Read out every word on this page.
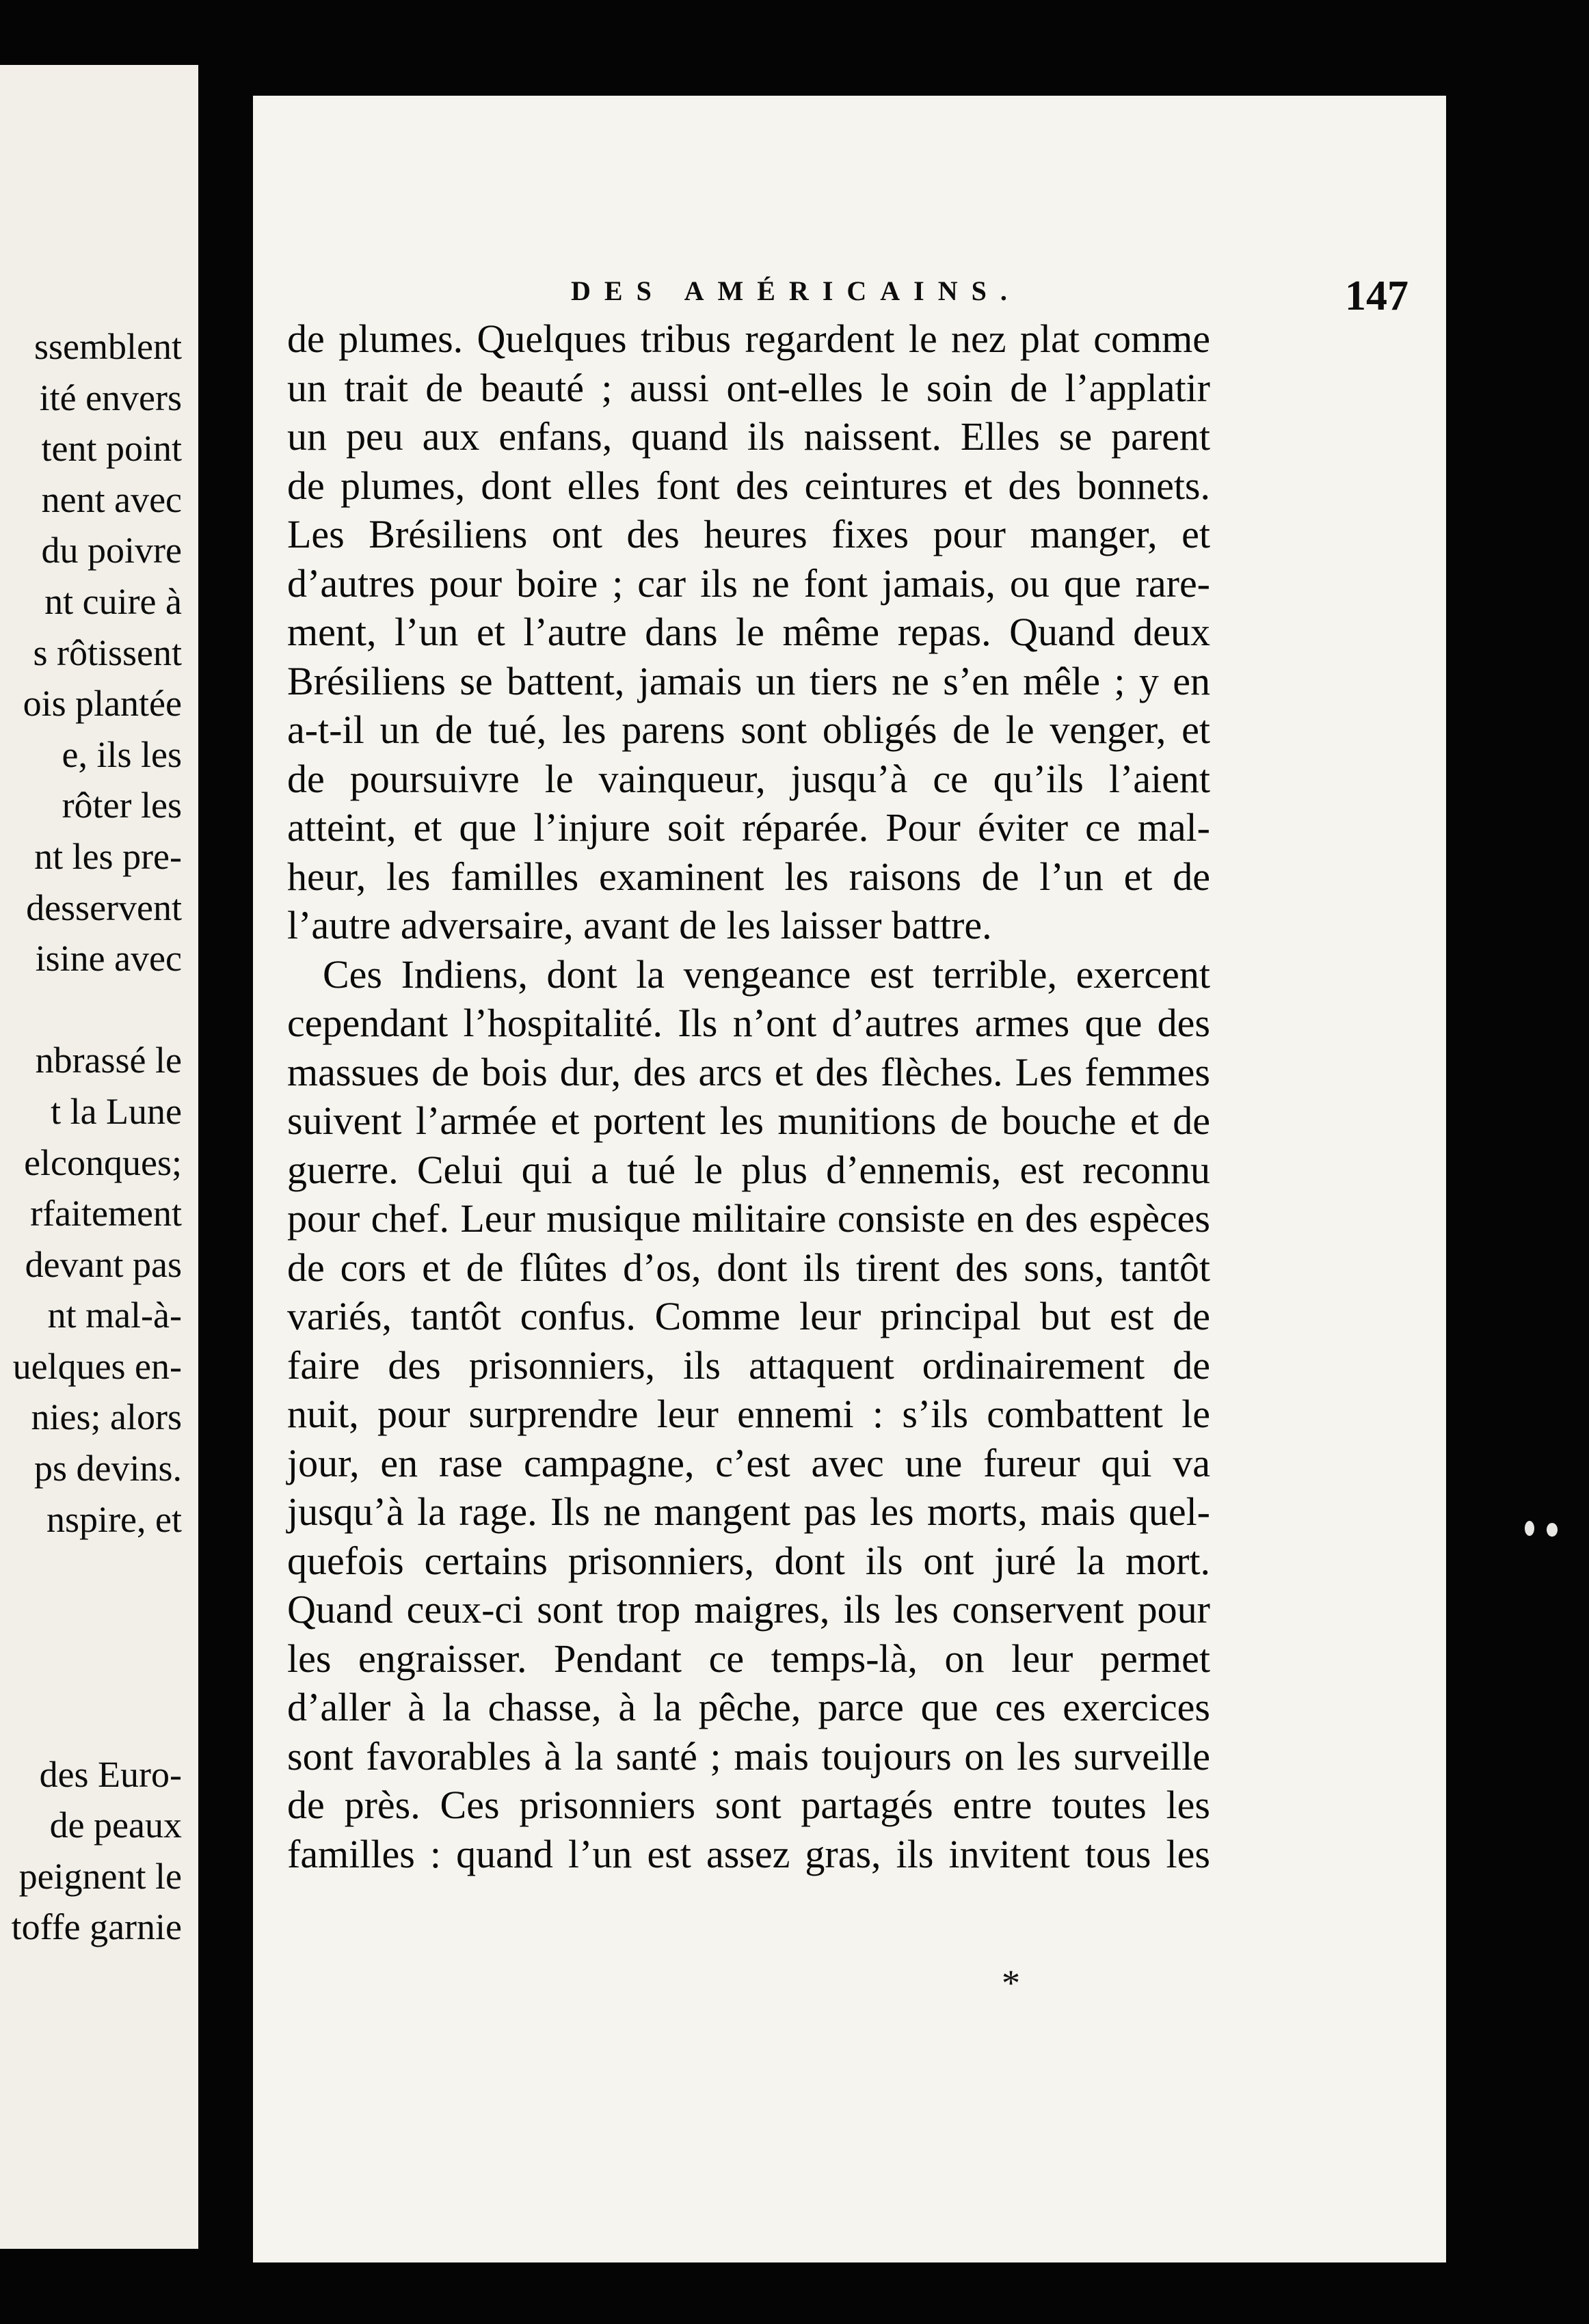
ssemblent
ité envers
tent point
nent avec
du poivre
nt cuire à
s rôtissent
ois plantée
e, ils les
rôter les
nt les pre-
desservent
isine avec
nbrassé le
t la Lune
elconques;
rfaitement
devant pas
nt mal-à-
uelques en-
nies; alors
ps devins.
nspire, et
des Euro-
de peaux
peignent le
toffe garnie
DES AMÉRICAINS.	147
de plumes. Quelques tribus regardent le nez plat comme
un trait de beauté ; aussi ont-elles le soin de l’applatir
un peu aux enfans, quand ils naissent. Elles se parent
de plumes, dont elles font des ceintures et des bonnets.
Les Brésiliens ont des heures fixes pour manger, et
d’autres pour boire ; car ils ne font jamais, ou que rare-
ment, l’un et l’autre dans le même repas. Quand deux
Brésiliens se battent, jamais un tiers ne s’en mêle ; y en
a-t-il un de tué, les parens sont obligés de le venger, et
de poursuivre le vainqueur, jusqu’à ce qu’ils l’aient
atteint, et que l’injure soit réparée. Pour éviter ce mal-
heur, les familles examinent les raisons de l’un et de
l’autre adversaire, avant de les laisser battre.
Ces Indiens, dont la vengeance est terrible, exercent
cependant l’hospitalité. Ils n’ont d’autres armes que des
massues de bois dur, des arcs et des flèches. Les femmes
suivent l’armée et portent les munitions de bouche et de
guerre. Celui qui a tué le plus d’ennemis, est reconnu
pour chef. Leur musique militaire consiste en des espèces
de cors et de flûtes d’os, dont ils tirent des sons, tantôt
variés, tantôt confus. Comme leur principal but est de
faire des prisonniers, ils attaquent ordinairement de
nuit, pour surprendre leur ennemi : s’ils combattent le
jour, en rase campagne, c’est avec une fureur qui va
jusqu’à la rage. Ils ne mangent pas les morts, mais quel-
quefois certains prisonniers, dont ils ont juré la mort.
Quand ceux-ci sont trop maigres, ils les conservent pour
les engraisser. Pendant ce temps-là, on leur permet
d’aller à la chasse, à la pêche, parce que ces exercices
sont favorables à la santé ; mais toujours on les surveille
de près. Ces prisonniers sont partagés entre toutes les
familles : quand l’un est assez gras, ils invitent tous les
*
